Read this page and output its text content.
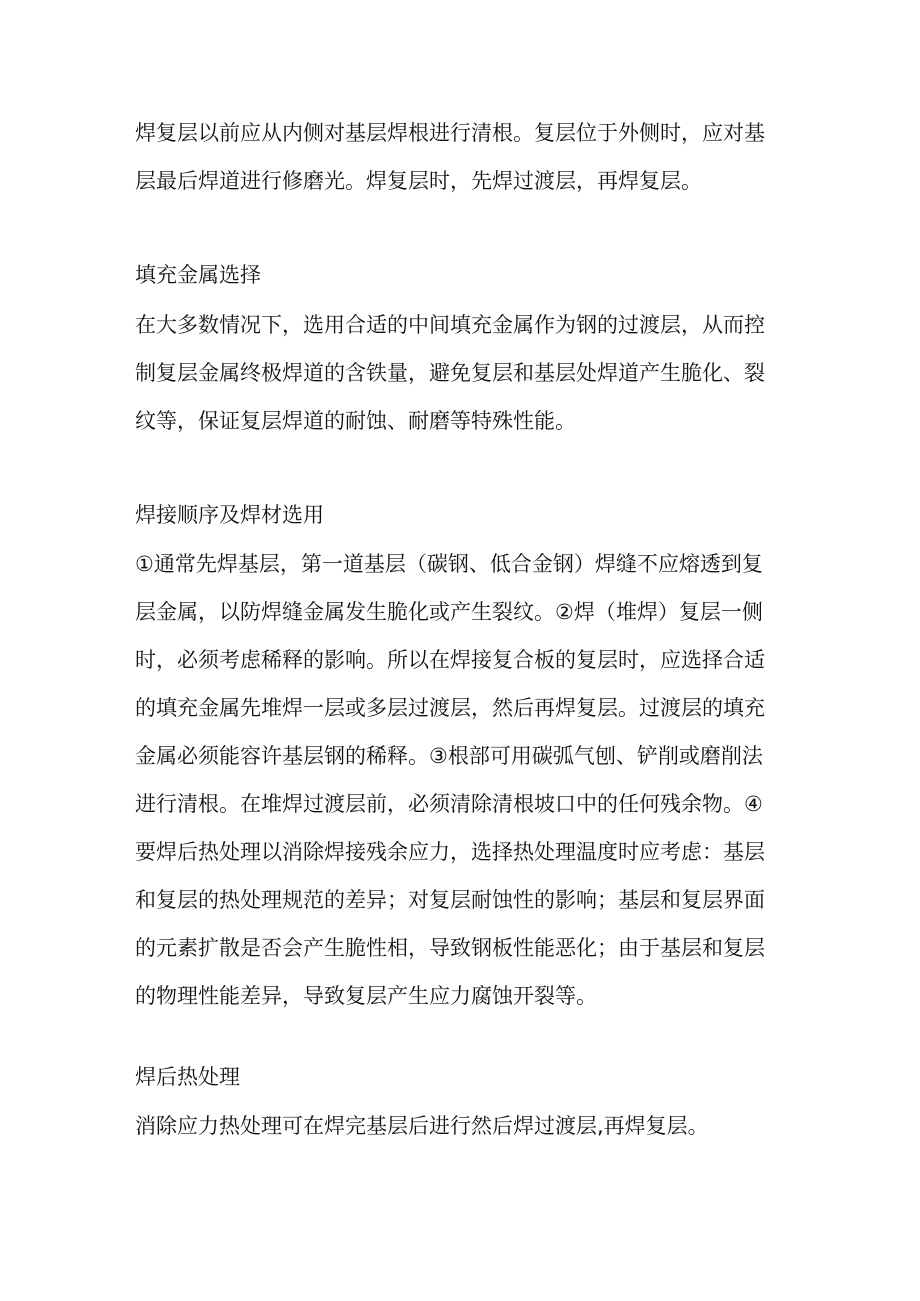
焊复层以前应从内侧对基层焊根进行清根。复层位于外侧时，应对基
层最后焊道进行修磨光。焊复层时，先焊过渡层，再焊复层。
填充金属选择
在大多数情况下，选用合适的中间填充金属作为钢的过渡层，从而控
制复层金属终极焊道的含铁量，避免复层和基层处焊道产生脆化、裂
纹等，保证复层焊道的耐蚀、耐磨等特殊性能。
焊接顺序及焊材选用
①通常先焊基层，第一道基层（碳钢、低合金钢）焊缝不应熔透到复
层金属，以防焊缝金属发生脆化或产生裂纹。②焊（堆焊）复层一侧
时，必须考虑稀释的影响。所以在焊接复合板的复层时，应选择合适
的填充金属先堆焊一层或多层过渡层，然后再焊复层。过渡层的填充
金属必须能容许基层钢的稀释。③根部可用碳弧气刨、铲削或磨削法
进行清根。在堆焊过渡层前，必须清除清根坡口中的任何残余物。④
要焊后热处理以消除焊接残余应力，选择热处理温度时应考虑：基层
和复层的热处理规范的差异；对复层耐蚀性的影响；基层和复层界面
的元素扩散是否会产生脆性相，导致钢板性能恶化；由于基层和复层
的物理性能差异，导致复层产生应力腐蚀开裂等。
焊后热处理
消除应力热处理可在焊完基层后进行然后焊过渡层,再焊复层。
